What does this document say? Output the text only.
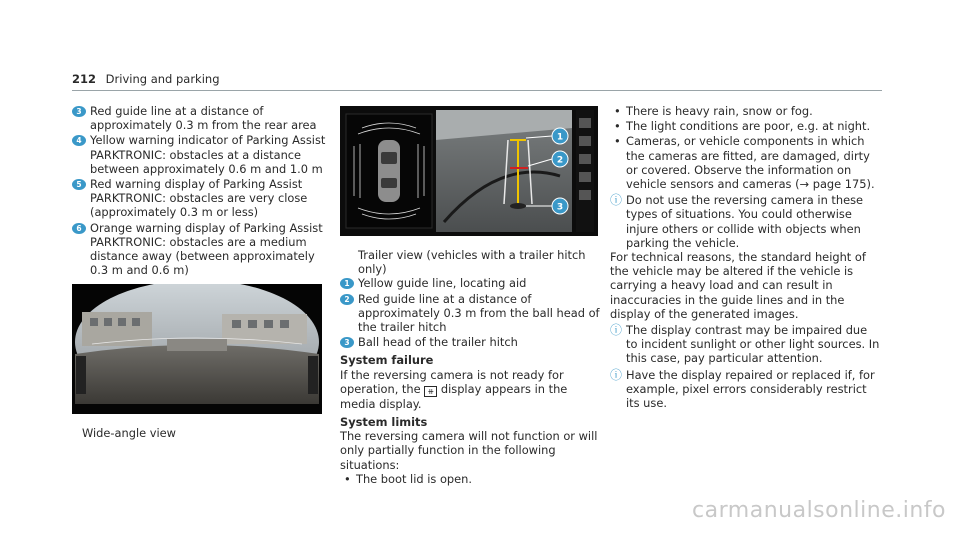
212 Driving and parking
3 Red guide line at a distance of approximately 0.3 m from the rear area
4 Yellow warning indicator of Parking Assist PARKTRONIC: obstacles at a distance between approximately 0.6 m and 1.0 m
5 Red warning display of Parking Assist PARKTRONIC: obstacles are very close (approximately 0.3 m or less)
6 Orange warning display of Parking Assist PARKTRONIC: obstacles are a medium distance away (between approximately 0.3 m and 0.6 m)
Wide-angle view
1
2
3
Trailer view (vehicles with a trailer hitch only)
1 Yellow guide line, locating aid
2 Red guide line at a distance of approximately 0.3 m from the ball head of the trailer hitch
3 Ball head of the trailer hitch
System failure
If the reversing camera is not ready for operation, the ⧺ display appears in the media display.
System limits
The reversing camera will not function or will only partially function in the following situations:
• The boot lid is open.
• There is heavy rain, snow or fog.
• The light conditions are poor, e.g. at night.
• Cameras, or vehicle components in which the cameras are fitted, are damaged, dirty or covered. Observe the information on vehicle sensors and cameras (→ page 175).
ⓘ Do not use the reversing camera in these types of situations. You could otherwise injure others or collide with objects when parking the vehicle.
For technical reasons, the standard height of the vehicle may be altered if the vehicle is carrying a heavy load and can result in inaccuracies in the guide lines and in the display of the generated images.
ⓘ The display contrast may be impaired due to incident sunlight or other light sources. In this case, pay particular attention.
ⓘ Have the display repaired or replaced if, for example, pixel errors considerably restrict its use.
carmanualsonline.info
